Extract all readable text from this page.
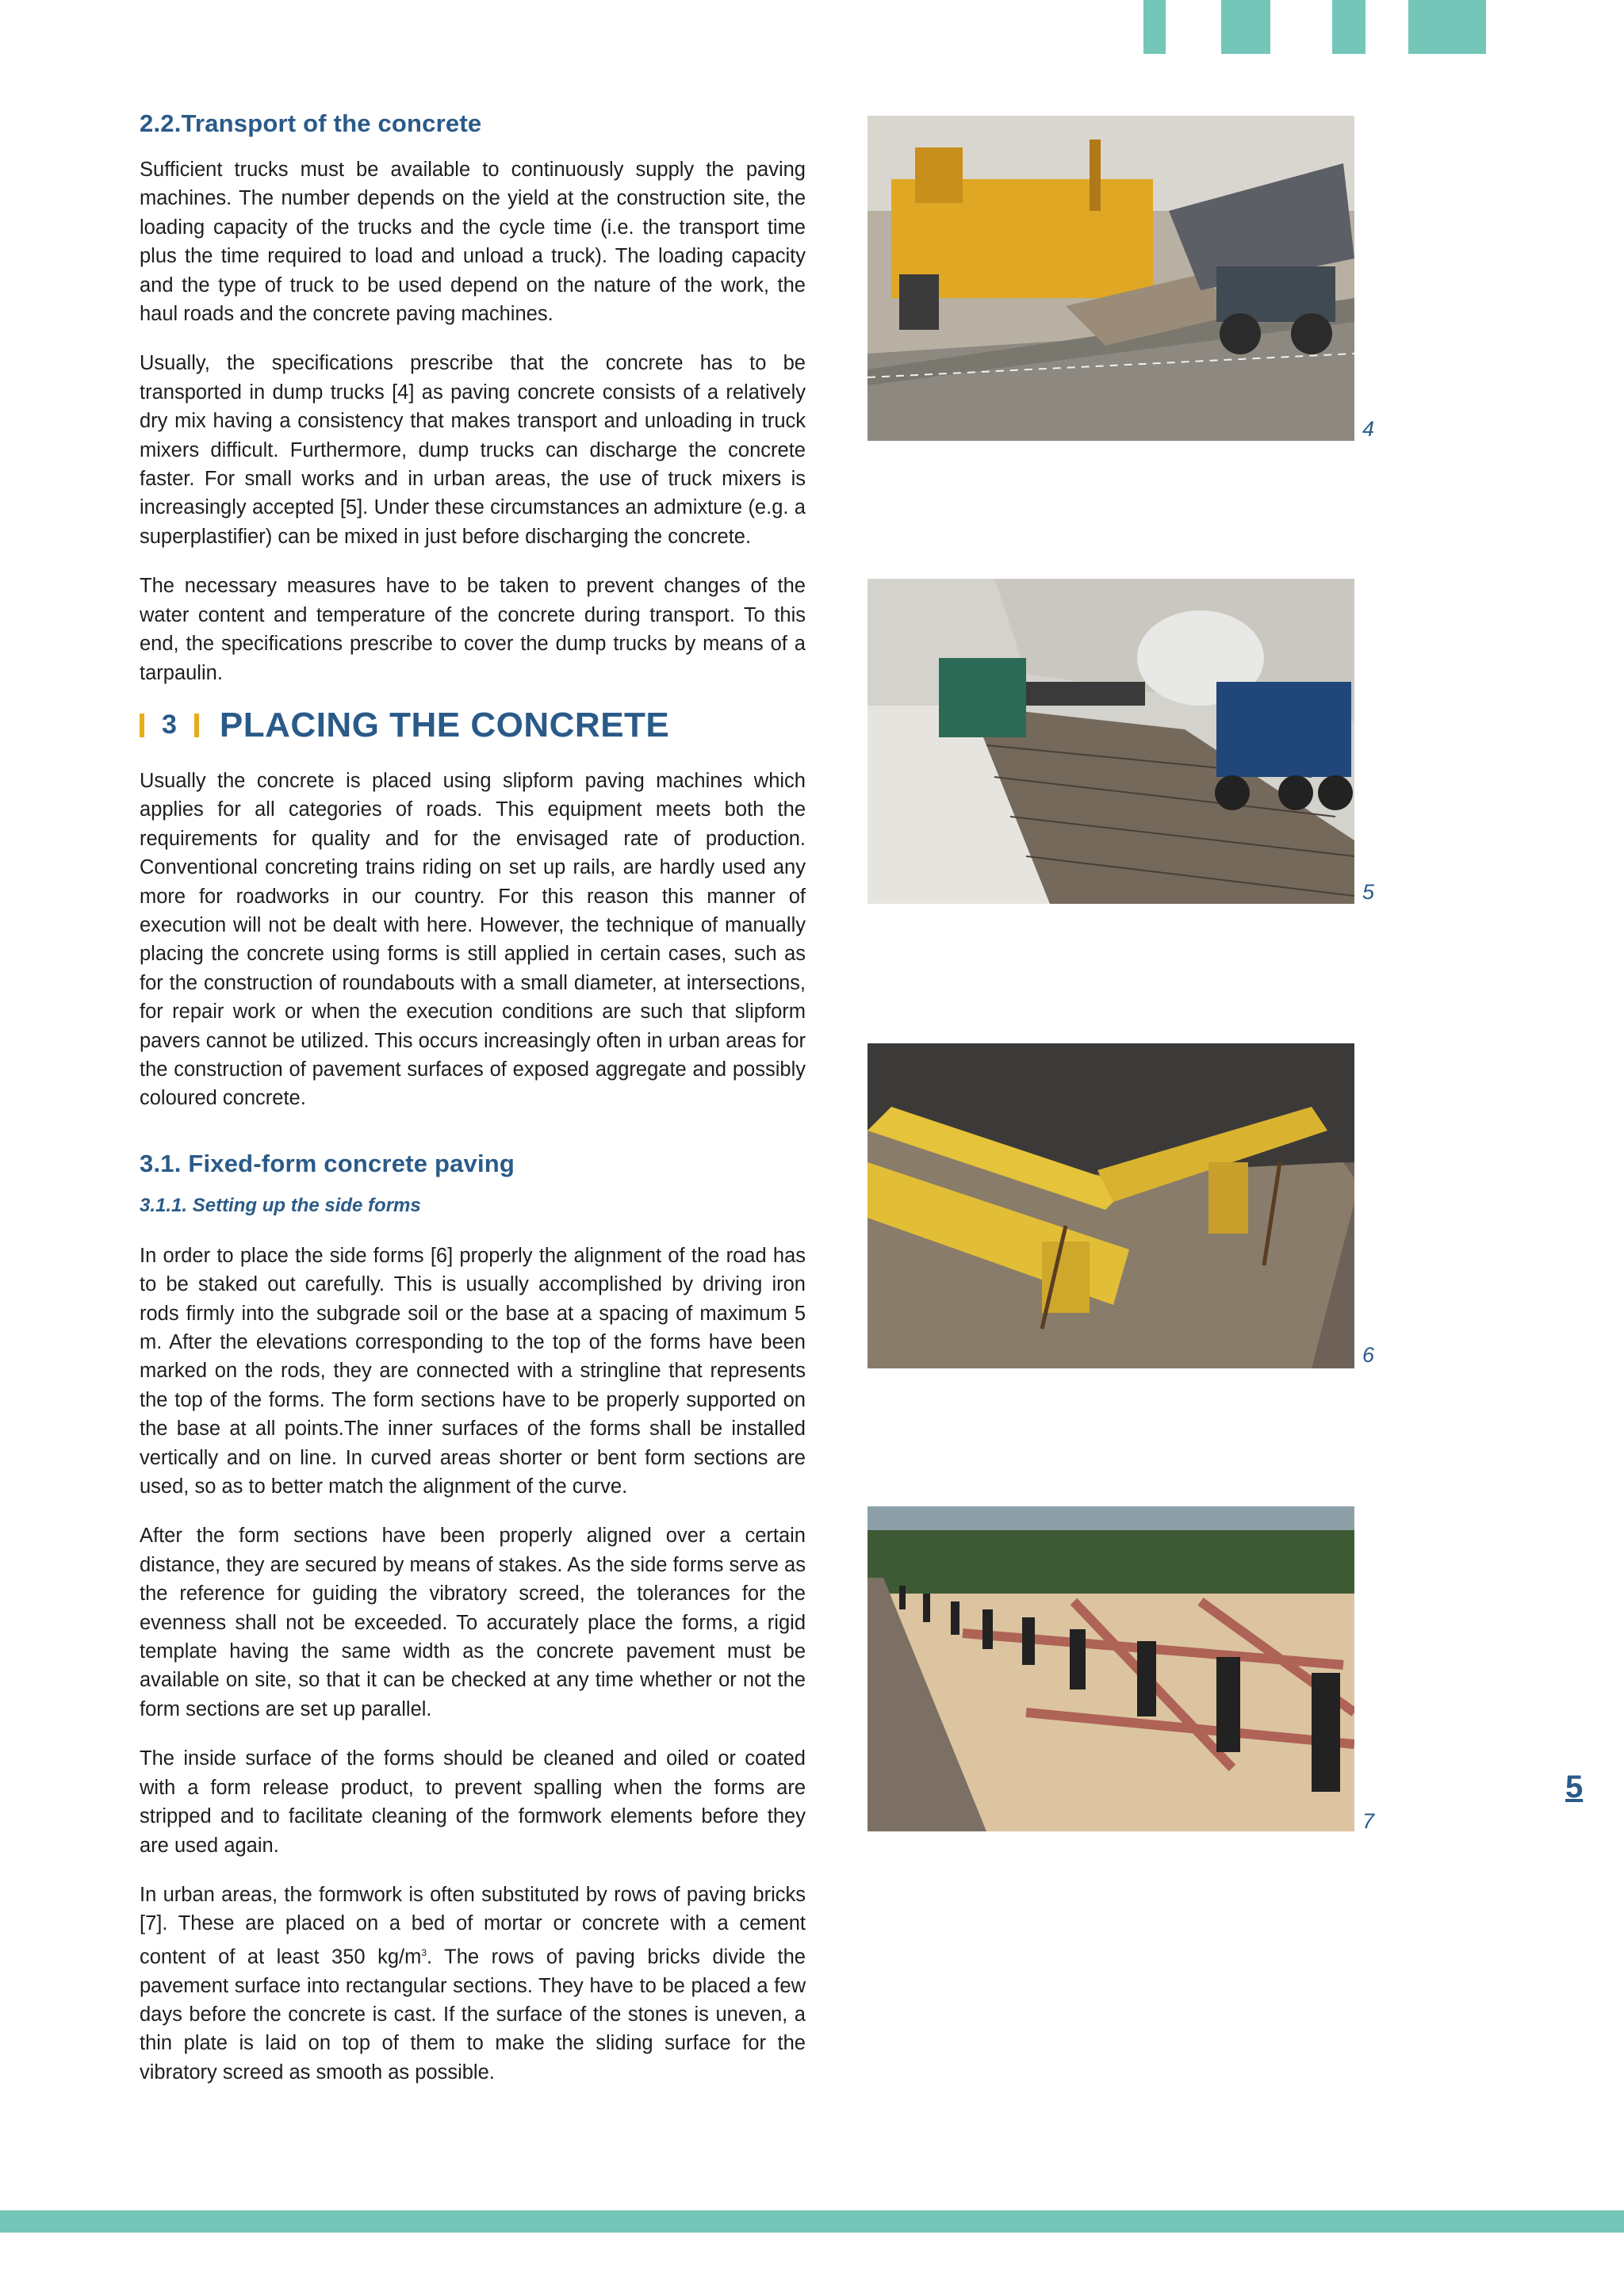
2.2.Transport of the concrete

Sufficient trucks must be available to continuously supply the paving machines. The number depends on the yield at the construction site, the loading capacity of the trucks and the cycle time (i.e. the transport time plus the time required to load and unload a truck). The loading capacity and the type of truck to be used depend on the nature of the work, the haul roads and the concrete paving machines.

Usually, the specifications prescribe that the concrete has to be transported in dump trucks [4] as paving concrete consists of a relatively dry mix having a consistency that makes transport and unloading in truck mixers difficult. Furthermore, dump trucks can discharge the concrete faster. For small works and in urban areas, the use of truck mixers is increasingly accepted [5]. Under these circumstances an admixture (e.g. a superplastifier) can be mixed in just before discharging the concrete.

The necessary measures have to be taken to prevent changes of the water content and temperature of the concrete during transport. To this end, the specifications prescribe to cover the dump trucks by means of a tarpaulin.

3 PLACING THE CONCRETE

Usually the concrete is placed using slipform paving machines which applies for all categories of roads. This equipment meets both the requirements for quality and for the envisaged rate of production. Conventional concreting trains riding on set up rails, are hardly used any more for roadworks in our country. For this reason this manner of execution will not be dealt with here. However, the technique of manually placing the concrete using forms is still applied in certain cases, such as for the construction of roundabouts with a small diameter, at intersections, for repair work or when the execution conditions are such that slipform pavers cannot be utilized. This occurs increasingly often in urban areas for the construction of pavement surfaces of exposed aggregate and possibly coloured concrete.

3.1. Fixed-form concrete paving
3.1.1. Setting up the side forms

In order to place the side forms [6] properly the alignment of the road has to be staked out carefully. This is usually accomplished by driving iron rods firmly into the subgrade soil or the base at a spacing of maximum 5 m. After the elevations corresponding to the top of the forms have been marked on the rods, they are connected with a stringline that represents the top of the forms. The form sections have to be properly supported on the base at all points.The inner surfaces of the forms shall be installed vertically and on line. In curved areas shorter or bent form sections are used, so as to better match the alignment of the curve.

After the form sections have been properly aligned over a certain distance, they are secured by means of stakes. As the side forms serve as the reference for guiding the vibratory screed, the tolerances for the evenness shall not be exceeded. To accurately place the forms, a rigid template having the same width as the concrete pavement must be available on site, so that it can be checked at any time whether or not the form sections are set up parallel.

The inside surface of the forms should be cleaned and oiled or coated with a form release product, to prevent spalling when the forms are stripped and to facilitate cleaning of the formwork elements before they are used again.

In urban areas, the formwork is often substituted by rows of paving bricks [7]. These are placed on a bed of mortar or concrete with a cement content of at least 350 $kg/m^3$. The rows of paving bricks divide the pavement surface into rectangular sections. They have to be placed a few days before the concrete is cast. If the surface of the stones is uneven, a thin plate is laid on top of them to make the sliding surface for the vibratory screed as smooth as possible.

4
5
6
7
5
